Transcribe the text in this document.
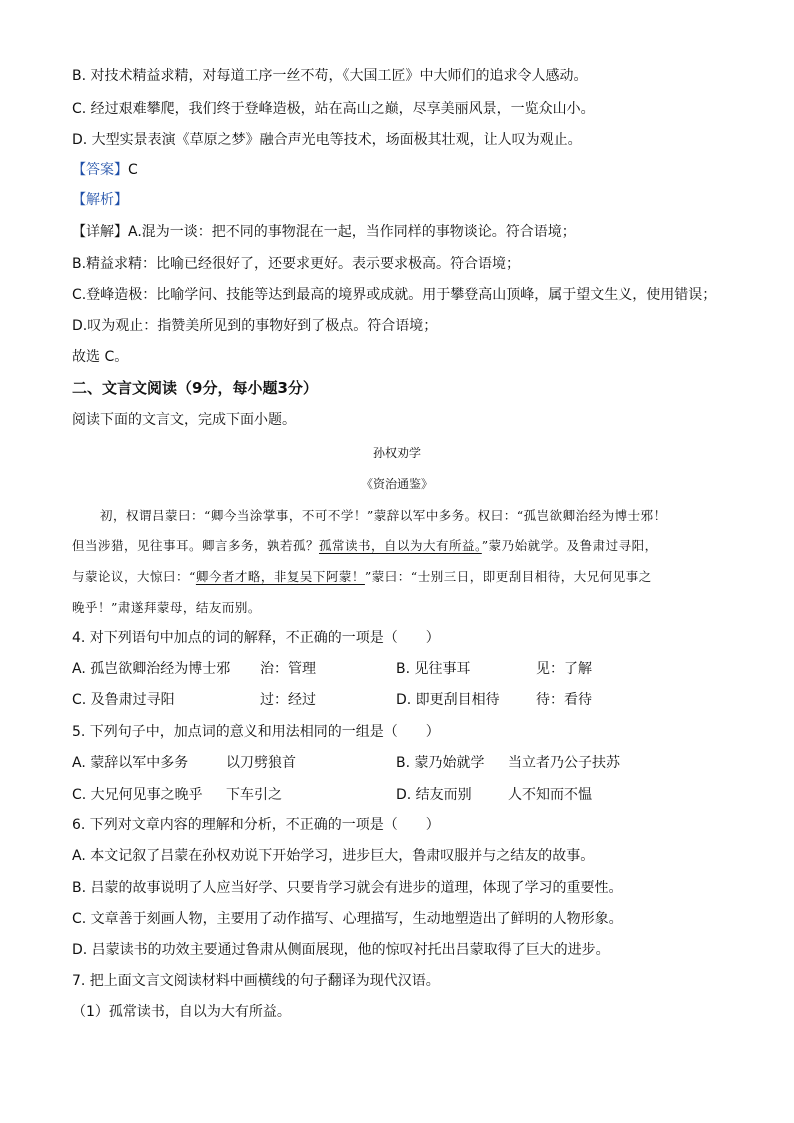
B. 对技术精益求精，对每道工序一丝不苟，《大国工匠》中大师们的追求令人感动。
C. 经过艰难攀爬，我们终于登峰造极，站在高山之巅，尽享美丽风景，一览众山小。
D. 大型实景表演《草原之梦》融合声光电等技术，场面极其壮观，让人叹为观止。
【答案】C
【解析】
【详解】A.混为一谈：把不同的事物混在一起，当作同样的事物谈论。符合语境；
B.精益求精：比喻已经很好了，还要求更好。表示要求极高。符合语境；
C.登峰造极：比喻学问、技能等达到最高的境界或成就。用于攀登高山顶峰，属于望文生义，使用错误；
D.叹为观止：指赞美所见到的事物好到了极点。符合语境；
故选 C。
二、文言文阅读（9分，每小题3分）
阅读下面的文言文，完成下面小题。
孙权劝学
《资治通鉴》
初，权谓吕蒙曰：“卿今当涂掌事，不可不学！”蒙辞以军中多务。权曰：“孤岂欲卿治经为博士邪！
但当涉猎，见往事耳。卿言多务，孰若孤？孤常读书，自以为大有所益。”蒙乃始就学。及鲁肃过寻阳，
与蒙论议，大惊曰：“卿今者才略，非复吴下阿蒙！”蒙曰：“士别三日，即更刮目相待，大兄何见事之
晚乎！”肃遂拜蒙母，结友而别。
4. 对下列语句中加点的词的解释，不正确的一项是（　　）
A. 孤岂欲卿治经为博士邪 治：管理	B. 见往事耳	见：了解
C. 及鲁肃过寻阳	过：经过	D. 即更刮目相待	待：看待
5. 下列句子中，加点词的意义和用法相同的一组是（　　）
A. 蒙辞以军中多务	以刀劈狼首	B. 蒙乃始就学 当立者乃公子扶苏
C. 大兄何见事之晚乎 下车引之	D. 结友而别	人不知而不愠
6. 下列对文章内容的理解和分析，不正确的一项是（　　）
A. 本文记叙了吕蒙在孙权劝说下开始学习，进步巨大，鲁肃叹服并与之结友的故事。
B. 吕蒙的故事说明了人应当好学、只要肯学习就会有进步的道理，体现了学习的重要性。
C. 文章善于刻画人物，主要用了动作描写、心理描写，生动地塑造出了鲜明的人物形象。
D. 吕蒙读书的功效主要通过鲁肃从侧面展现，他的惊叹衬托出吕蒙取得了巨大的进步。
7. 把上面文言文阅读材料中画横线的句子翻译为现代汉语。
（1）孤常读书，自以为大有所益。
